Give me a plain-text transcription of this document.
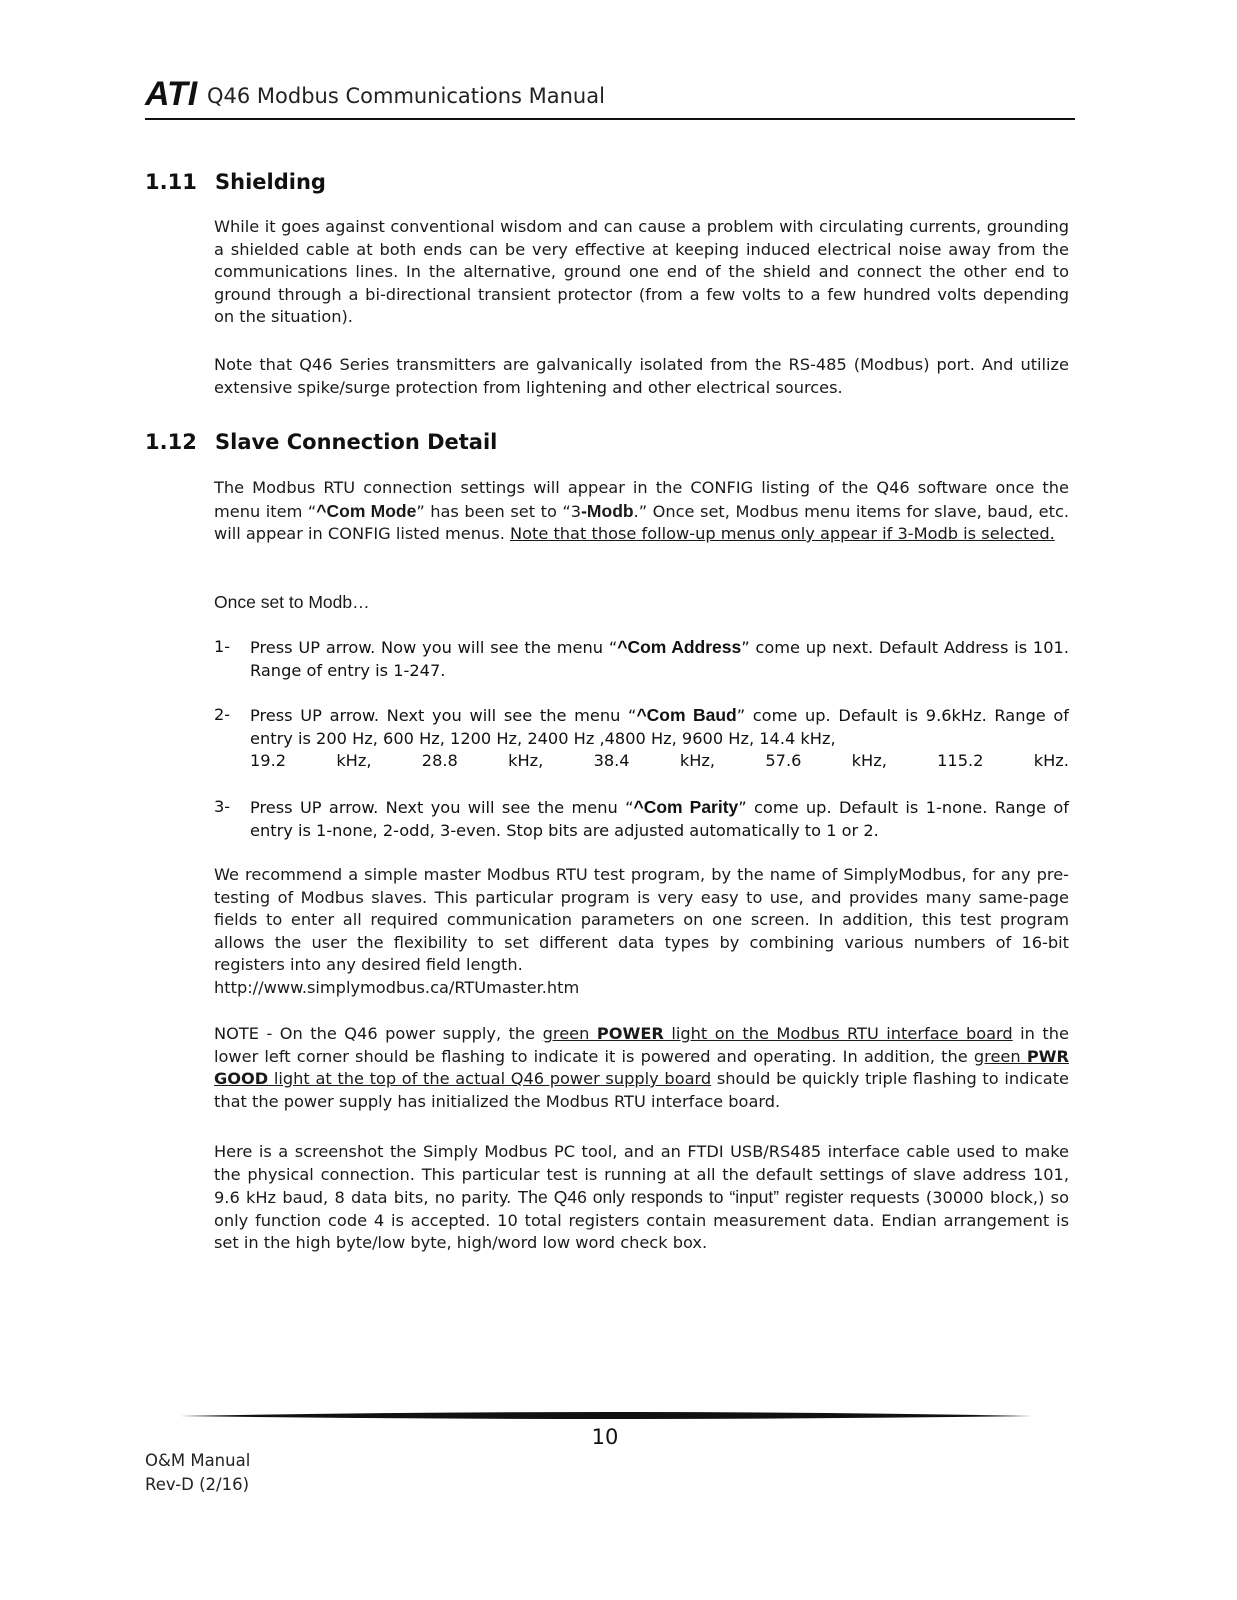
ATI Q46 Modbus Communications Manual
1.11 Shielding

While it goes against conventional wisdom and can cause a problem with circulating currents, grounding a shielded cable at both ends can be very effective at keeping induced electrical noise away from the communications lines. In the alternative, ground one end of the shield and connect the other end to ground through a bi-directional transient protector (from a few volts to a few hundred volts depending on the situation).

Note that Q46 Series transmitters are galvanically isolated from the RS-485 (Modbus) port. And utilize extensive spike/surge protection from lightening and other electrical sources.

1.12 Slave Connection Detail

The Modbus RTU connection settings will appear in the CONFIG listing of the Q46 software once the menu item “^Com Mode” has been set to “3-Modb.” Once set, Modbus menu items for slave, baud, etc. will appear in CONFIG listed menus. Note that those follow-up menus only appear if 3-Modb is selected.

Once set to Modb…

1- Press UP arrow. Now you will see the menu “^Com Address” come up next. Default Address is 101. Range of entry is 1-247.
2- Press UP arrow. Next you will see the menu “^Com Baud” come up. Default is 9.6kHz. Range of entry is 200 Hz, 600 Hz, 1200 Hz, 2400 Hz ,4800 Hz, 9600 Hz, 14.4 kHz,
19.2	kHz,	28.8	kHz,	38.4	kHz,	57.6	kHz,	115.2	kHz.
3- Press UP arrow. Next you will see the menu “^Com Parity” come up. Default is 1-none. Range of entry is 1-none, 2-odd, 3-even. Stop bits are adjusted automatically to 1 or 2.

We recommend a simple master Modbus RTU test program, by the name of SimplyModbus, for any pre-testing of Modbus slaves. This particular program is very easy to use, and provides many same-page fields to enter all required communication parameters on one screen. In addition, this test program allows the user the flexibility to set different data types by combining various numbers of 16-bit registers into any desired field length.

http://www.simplymodbus.ca/RTUmaster.htm

NOTE - On the Q46 power supply, the green POWER light on the Modbus RTU interface board in the lower left corner should be flashing to indicate it is powered and operating. In addition, the green PWR GOOD light at the top of the actual Q46 power supply board should be quickly triple flashing to indicate that the power supply has initialized the Modbus RTU interface board.

Here is a screenshot the Simply Modbus PC tool, and an FTDI USB/RS485 interface cable used to make the physical connection. This particular test is running at all the default settings of slave address 101, 9.6 kHz baud, 8 data bits, no parity. The Q46 only responds to “input” register requests (30000 block,) so only function code 4 is accepted. 10 total registers contain measurement data. Endian arrangement is set in the high byte/low byte, high/word low word check box.

10
O&M Manual
Rev-D (2/16)
